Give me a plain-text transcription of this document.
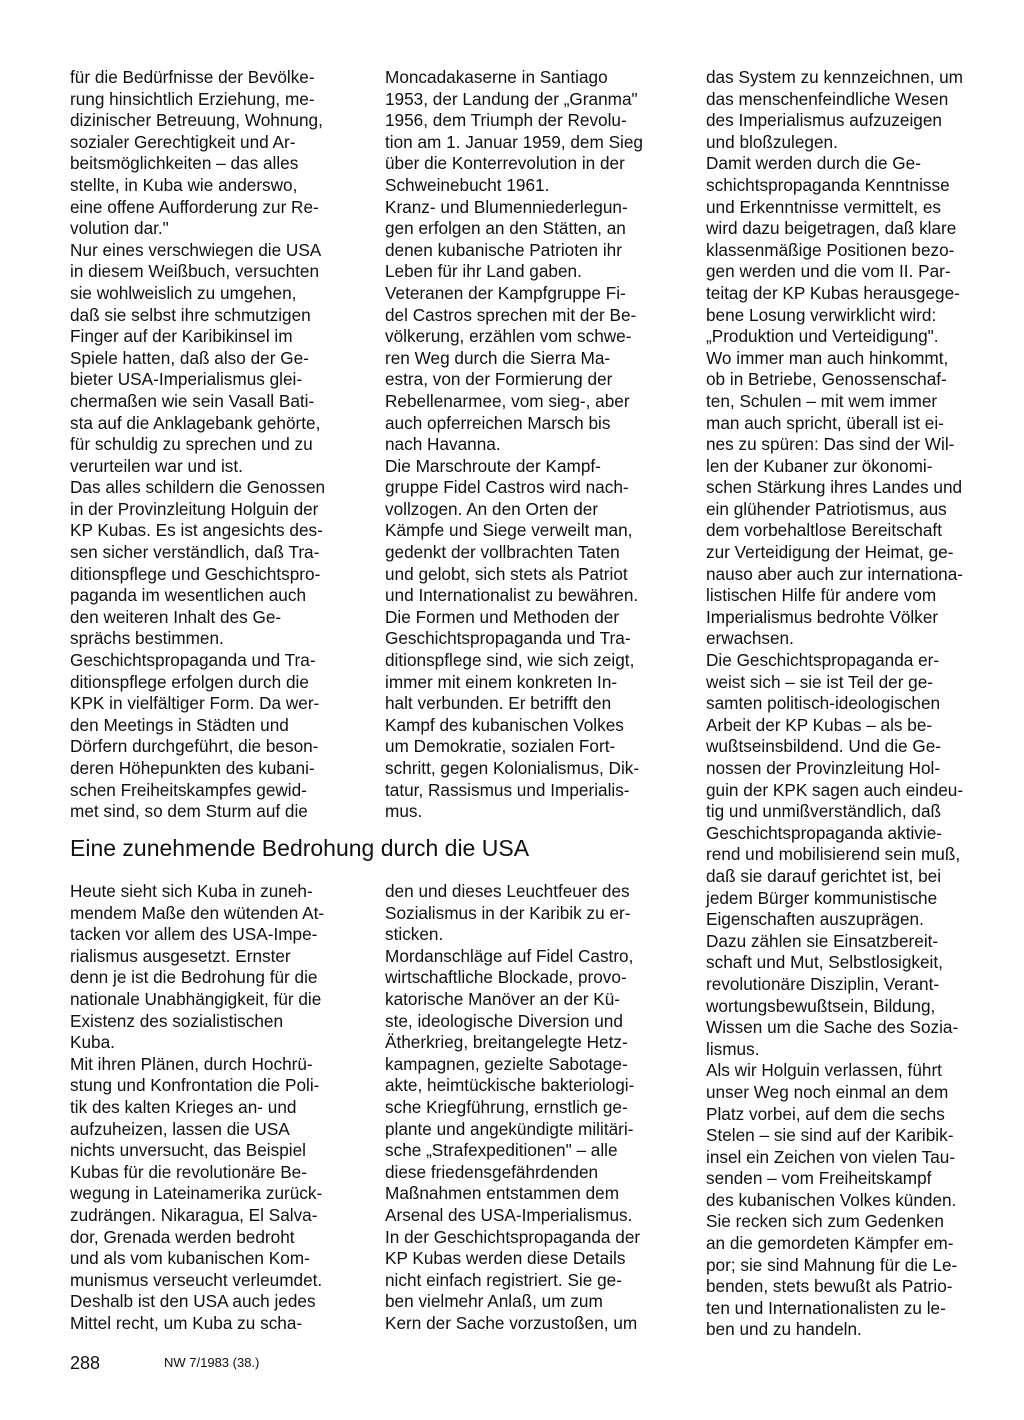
für die Bedürfnisse der Bevölke-
rung hinsichtlich Erziehung, me-
dizinischer Betreuung, Wohnung,
sozialer Gerechtigkeit und Ar-
beitsmöglichkeiten – das alles
stellte, in Kuba wie anderswo,
eine offene Aufforderung zur Re-
volution dar."

Nur eines verschwiegen die USA
in diesem Weißbuch, versuchten
sie wohlweislich zu umgehen,
daß sie selbst ihre schmutzigen
Finger auf der Karibikinsel im
Spiele hatten, daß also der Ge-
bieter USA-Imperialismus glei-
chermaßen wie sein Vasall Bati-
sta auf die Anklagebank gehörte,
für schuldig zu sprechen und zu
verurteilen war und ist.

Das alles schildern die Genossen
in der Provinzleitung Holguin der
KP Kubas. Es ist angesichts des-
sen sicher verständlich, daß Tra-
ditionspflege und Geschichtspro-
paganda im wesentlichen auch
den weiteren Inhalt des Ge-
sprächs bestimmen.

Geschichtspropaganda und Tra-
ditionspflege erfolgen durch die
KPK in vielfältiger Form. Da wer-
den Meetings in Städten und
Dörfern durchgeführt, die beson-
deren Höhepunkten des kubani-
schen Freiheitskampfes gewid-
met sind, so dem Sturm auf die

Moncadakaserne in Santiago
1953, der Landung der „Granma"
1956, dem Triumph der Revolu-
tion am 1. Januar 1959, dem Sieg
über die Konterrevolution in der
Schweinebucht 1961.

Kranz- und Blumenniederlegun-
gen erfolgen an den Stätten, an
denen kubanische Patrioten ihr
Leben für ihr Land gaben.

Veteranen der Kampfgruppe Fi-
del Castros sprechen mit der Be-
völkerung, erzählen vom schwe-
ren Weg durch die Sierra Ma-
estra, von der Formierung der
Rebellenarmee, vom sieg-, aber
auch opferreichen Marsch bis
nach Havanna.

Die Marschroute der Kampf-
gruppe Fidel Castros wird nach-
vollzogen. An den Orten der
Kämpfe und Siege verweilt man,
gedenkt der vollbrachten Taten
und gelobt, sich stets als Patriot
und Internationalist zu bewähren.

Die Formen und Methoden der
Geschichtspropaganda und Tra-
ditionspflege sind, wie sich zeigt,
immer mit einem konkreten In-
halt verbunden. Er betrifft den
Kampf des kubanischen Volkes
um Demokratie, sozialen Fort-
schritt, gegen Kolonialismus, Dik-
tatur, Rassismus und Imperialis-
mus.

das System zu kennzeichnen, um
das menschenfeindliche Wesen
des Imperialismus aufzuzeigen
und bloßzulegen.

Damit werden durch die Ge-
schichtspropaganda Kenntnisse
und Erkenntnisse vermittelt, es
wird dazu beigetragen, daß klare
klassenmäßige Positionen bezo-
gen werden und die vom II. Par-
teitag der KP Kubas herausgege-
bene Losung verwirklicht wird:
„Produktion und Verteidigung".

Wo immer man auch hinkommt,
ob in Betriebe, Genossenschaf-
ten, Schulen – mit wem immer
man auch spricht, überall ist ei-
nes zu spüren: Das sind der Wil-
len der Kubaner zur ökonomi-
schen Stärkung ihres Landes und
ein glühender Patriotismus, aus
dem vorbehaltlose Bereitschaft
zur Verteidigung der Heimat, ge-
nauso aber auch zur internationa-
listischen Hilfe für andere vom
Imperialismus bedrohte Völker
erwachsen.

Die Geschichtspropaganda er-
weist sich – sie ist Teil der ge-
samten politisch-ideologischen
Arbeit der KP Kubas – als be-
wußtseinsbildend. Und die Ge-
nossen der Provinzleitung Hol-
guin der KPK sagen auch eindeu-
tig und unmißverständlich, daß
Geschichtspropaganda aktivie-
rend und mobilisierend sein muß,
daß sie darauf gerichtet ist, bei
jedem Bürger kommunistische
Eigenschaften auszuprägen.
Dazu zählen sie Einsatzbereit-
schaft und Mut, Selbstlosigkeit,
revolutionäre Disziplin, Verant-
wortungsbewußtsein, Bildung,
Wissen um die Sache des Sozia-
lismus.

Als wir Holguin verlassen, führt
unser Weg noch einmal an dem
Platz vorbei, auf dem die sechs
Stelen – sie sind auf der Karibik-
insel ein Zeichen von vielen Tau-
senden – vom Freiheitskampf
des kubanischen Volkes künden.
Sie recken sich zum Gedenken
an die gemordeten Kämpfer em-
por; sie sind Mahnung für die Le-
benden, stets bewußt als Patrio-
ten und Internationalisten zu le-
ben und zu handeln.

Eine zunehmende Bedrohung durch die USA

Heute sieht sich Kuba in zuneh-
mendem Maße den wütenden At-
tacken vor allem des USA-Impe-
rialismus ausgesetzt. Ernster
denn je ist die Bedrohung für die
nationale Unabhängigkeit, für die
Existenz des sozialistischen
Kuba.

Mit ihren Plänen, durch Hochrü-
stung und Konfrontation die Poli-
tik des kalten Krieges an- und
aufzuheizen, lassen die USA
nichts unversucht, das Beispiel
Kubas für die revolutionäre Be-
wegung in Lateinamerika zurück-
zudrängen. Nikaragua, El Salva-
dor, Grenada werden bedroht
und als vom kubanischen Kom-
munismus verseucht verleumdet.

Deshalb ist den USA auch jedes
Mittel recht, um Kuba zu scha-

den und dieses Leuchtfeuer des
Sozialismus in der Karibik zu er-
sticken.

Mordanschläge auf Fidel Castro,
wirtschaftliche Blockade, provo-
katorische Manöver an der Kü-
ste, ideologische Diversion und
Ätherkrieg, breitangelegte Hetz-
kampagnen, gezielte Sabotage-
akte, heimtückische bakteriologi-
sche Kriegführung, ernstlich ge-
plante und angekündigte militäri-
sche „Strafexpeditionen" – alle
diese friedensgefährdenden
Maßnahmen entstammen dem
Arsenal des USA-Imperialismus.

In der Geschichtspropaganda der
KP Kubas werden diese Details
nicht einfach registriert. Sie ge-
ben vielmehr Anlaß, um zum
Kern der Sache vorzustoßen, um

288	NW 7/1983 (38.)
